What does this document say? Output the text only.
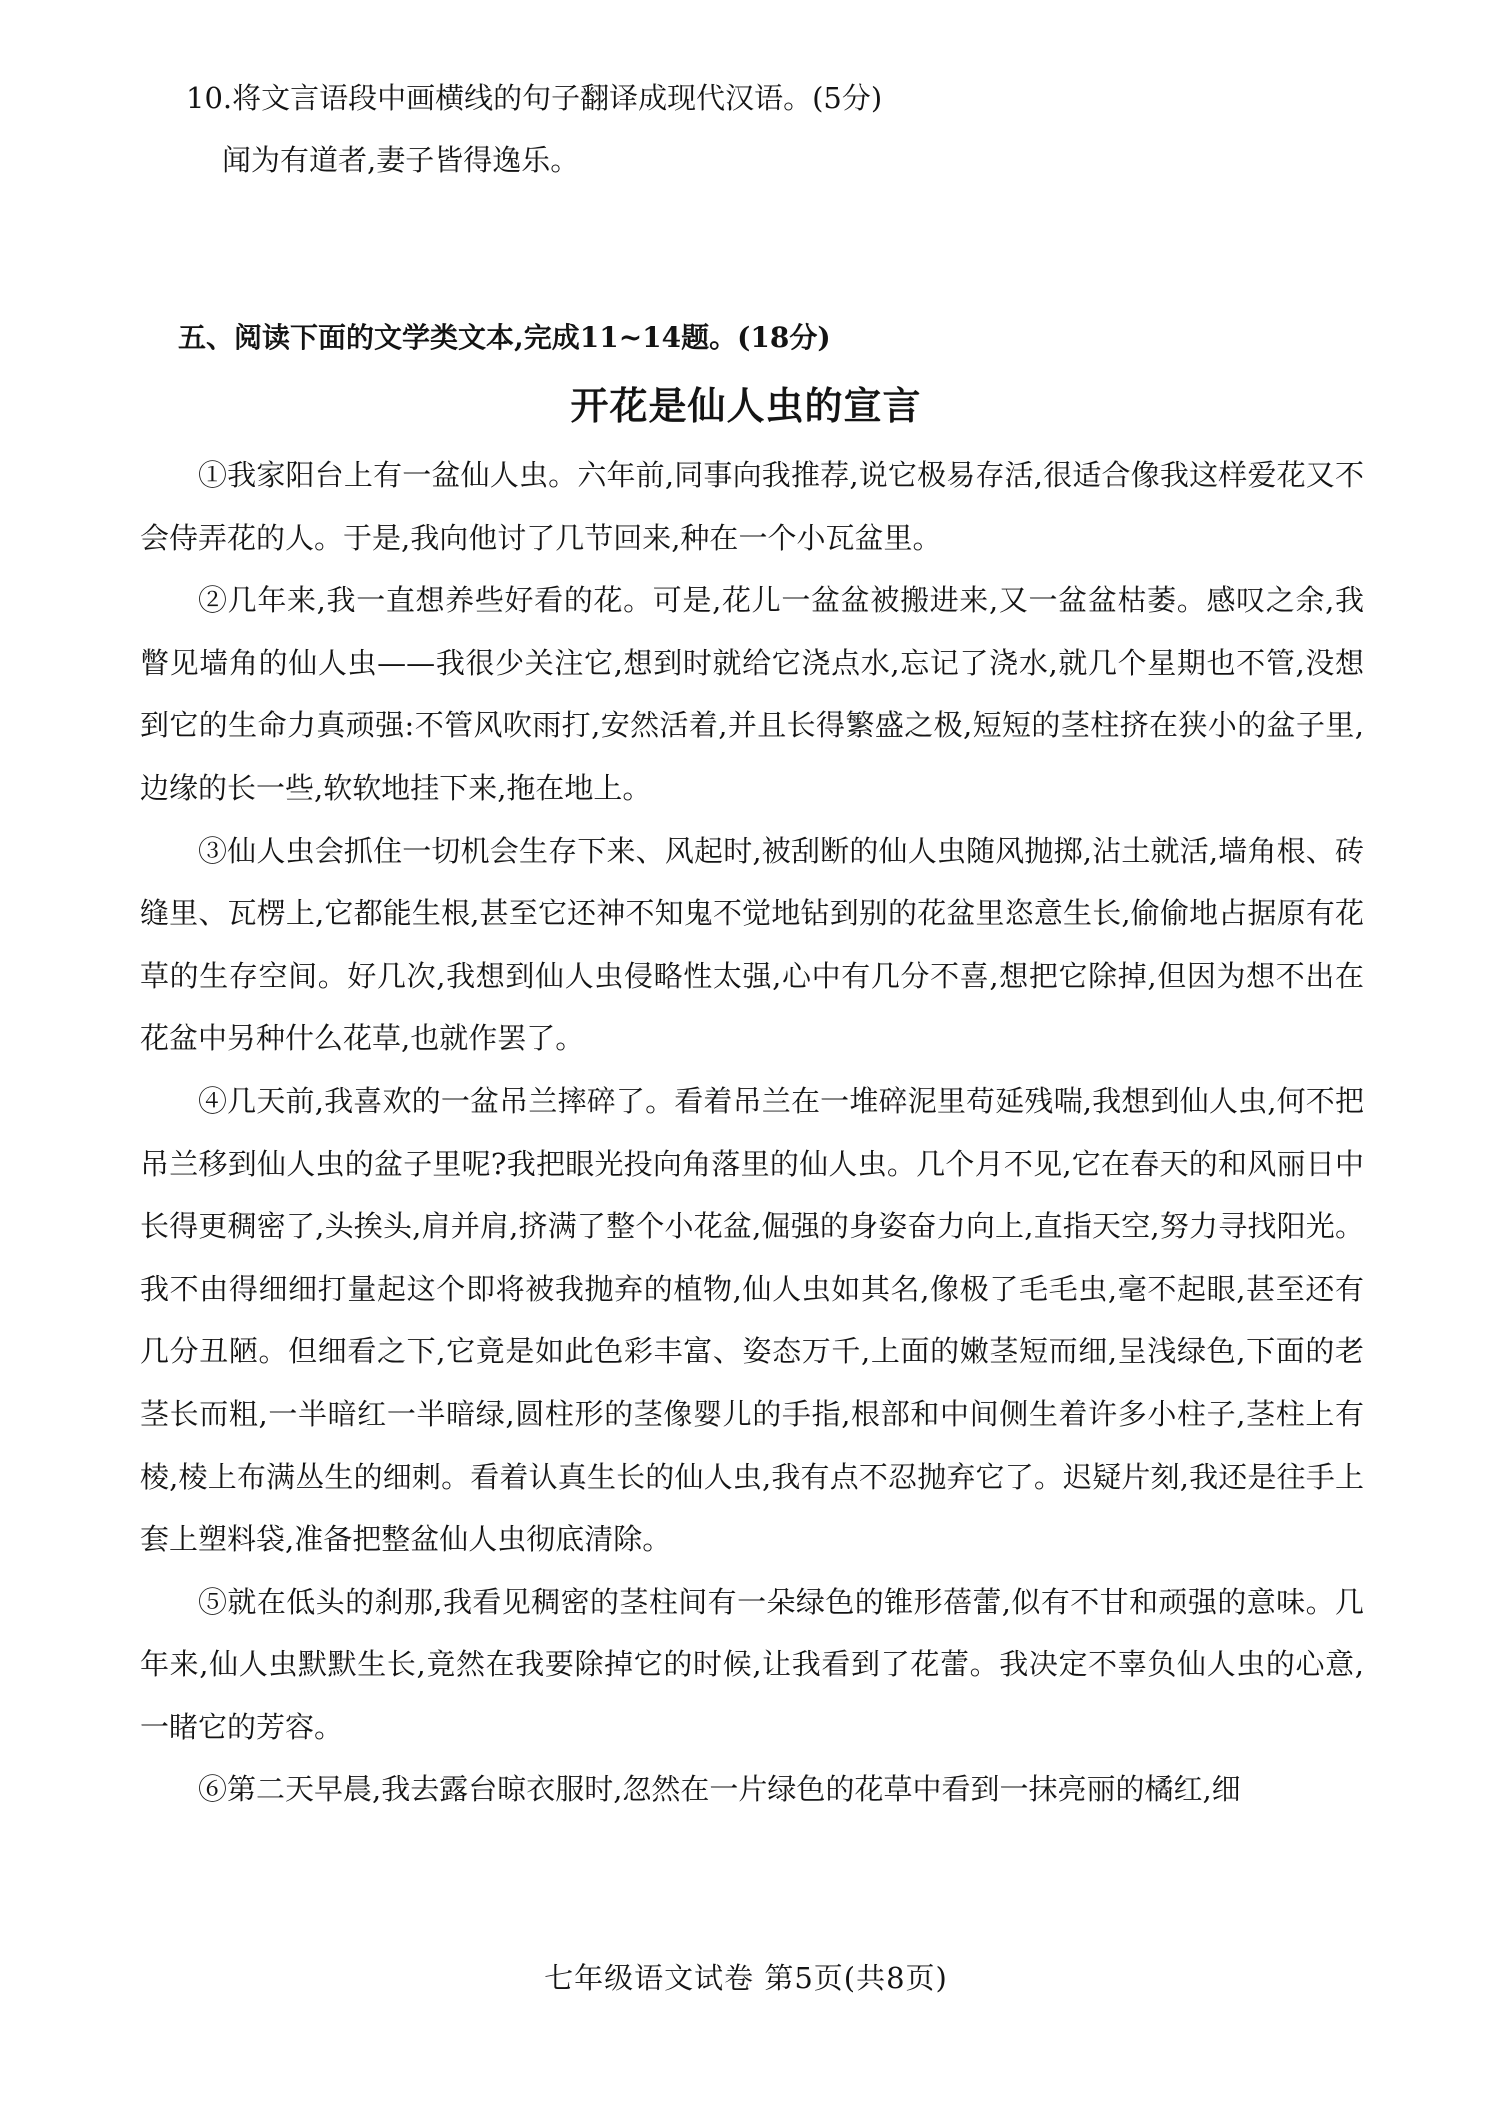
10.将文言语段中画横线的句子翻译成现代汉语。(5分)
闻为有道者,妻子皆得逸乐。
五、阅读下面的文学类文本,完成11~14题。(18分)
开花是仙人虫的宣言

①我家阳台上有一盆仙人虫。六年前,同事向我推荐,说它极易存活,很适合像我这样爱花又不会侍弄花的人。于是,我向他讨了几节回来,种在一个小瓦盆里。

②几年来,我一直想养些好看的花。可是,花儿一盆盆被搬进来,又一盆盆枯萎。感叹之余,我瞥见墙角的仙人虫——我很少关注它,想到时就给它浇点水,忘记了浇水,就几个星期也不管,没想到它的生命力真顽强:不管风吹雨打,安然活着,并且长得繁盛之极,短短的茎柱挤在狭小的盆子里,边缘的长一些,软软地挂下来,拖在地上。

③仙人虫会抓住一切机会生存下来、风起时,被刮断的仙人虫随风抛掷,沾土就活,墙角根、砖缝里、瓦楞上,它都能生根,甚至它还神不知鬼不觉地钻到别的花盆里恣意生长,偷偷地占据原有花草的生存空间。好几次,我想到仙人虫侵略性太强,心中有几分不喜,想把它除掉,但因为想不出在花盆中另种什么花草,也就作罢了。

④几天前,我喜欢的一盆吊兰摔碎了。看着吊兰在一堆碎泥里苟延残喘,我想到仙人虫,何不把吊兰移到仙人虫的盆子里呢?我把眼光投向角落里的仙人虫。几个月不见,它在春天的和风丽日中长得更稠密了,头挨头,肩并肩,挤满了整个小花盆,倔强的身姿奋力向上,直指天空,努力寻找阳光。我不由得细细打量起这个即将被我抛弃的植物,仙人虫如其名,像极了毛毛虫,毫不起眼,甚至还有几分丑陋。但细看之下,它竟是如此色彩丰富、姿态万千,上面的嫩茎短而细,呈浅绿色,下面的老茎长而粗,一半暗红一半暗绿,圆柱形的茎像婴儿的手指,根部和中间侧生着许多小柱子,茎柱上有棱,棱上布满丛生的细刺。看着认真生长的仙人虫,我有点不忍抛弃它了。迟疑片刻,我还是往手上套上塑料袋,准备把整盆仙人虫彻底清除。

⑤就在低头的刹那,我看见稠密的茎柱间有一朵绿色的锥形蓓蕾,似有不甘和顽强的意味。几年来,仙人虫默默生长,竟然在我要除掉它的时候,让我看到了花蕾。我决定不辜负仙人虫的心意,一睹它的芳容。

⑥第二天早晨,我去露台晾衣服时,忽然在一片绿色的花草中看到一抹亮丽的橘红,细

七年级语文试卷 第5页(共8页)
